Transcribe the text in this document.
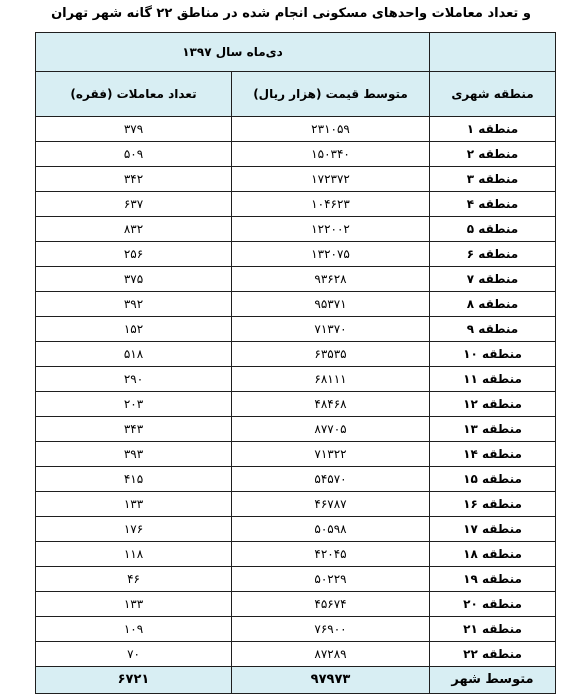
و تعداد معاملات واحدهای مسکونی انجام شده در مناطق ۲۲ گانه شهر تهران
	دی‌ماه سال ۱۳۹۷	
منطقه شهری	متوسط قیمت (هزار ریال)	تعداد معاملات (فقره)
منطقه ۱	۲۳۱۰۵۹	۳۷۹
منطقه ۲	۱۵۰۳۴۰	۵۰۹
منطقه ۳	۱۷۲۳۷۲	۳۴۲
منطقه ۴	۱۰۴۶۲۳	۶۳۷
منطقه ۵	۱۲۲۰۰۲	۸۳۲
منطقه ۶	۱۳۲۰۷۵	۲۵۶
منطقه ۷	۹۳۶۲۸	۳۷۵
منطقه ۸	۹۵۳۷۱	۳۹۲
منطقه ۹	۷۱۳۷۰	۱۵۲
منطقه ۱۰	۶۳۵۳۵	۵۱۸
منطقه ۱۱	۶۸۱۱۱	۲۹۰
منطقه ۱۲	۴۸۴۶۸	۲۰۳
منطقه ۱۳	۸۷۷۰۵	۳۴۳
منطقه ۱۴	۷۱۳۲۲	۳۹۳
منطقه ۱۵	۵۴۵۷۰	۴۱۵
منطقه ۱۶	۴۶۷۸۷	۱۳۳
منطقه ۱۷	۵۰۵۹۸	۱۷۶
منطقه ۱۸	۴۲۰۴۵	۱۱۸
منطقه ۱۹	۵۰۲۲۹	۴۶
منطقه ۲۰	۴۵۶۷۴	۱۳۳
منطقه ۲۱	۷۶۹۰۰	۱۰۹
منطقه ۲۲	۸۷۲۸۹	۷۰
متوسط شهر	۹۷۹۷۳	۶۷۲۱
